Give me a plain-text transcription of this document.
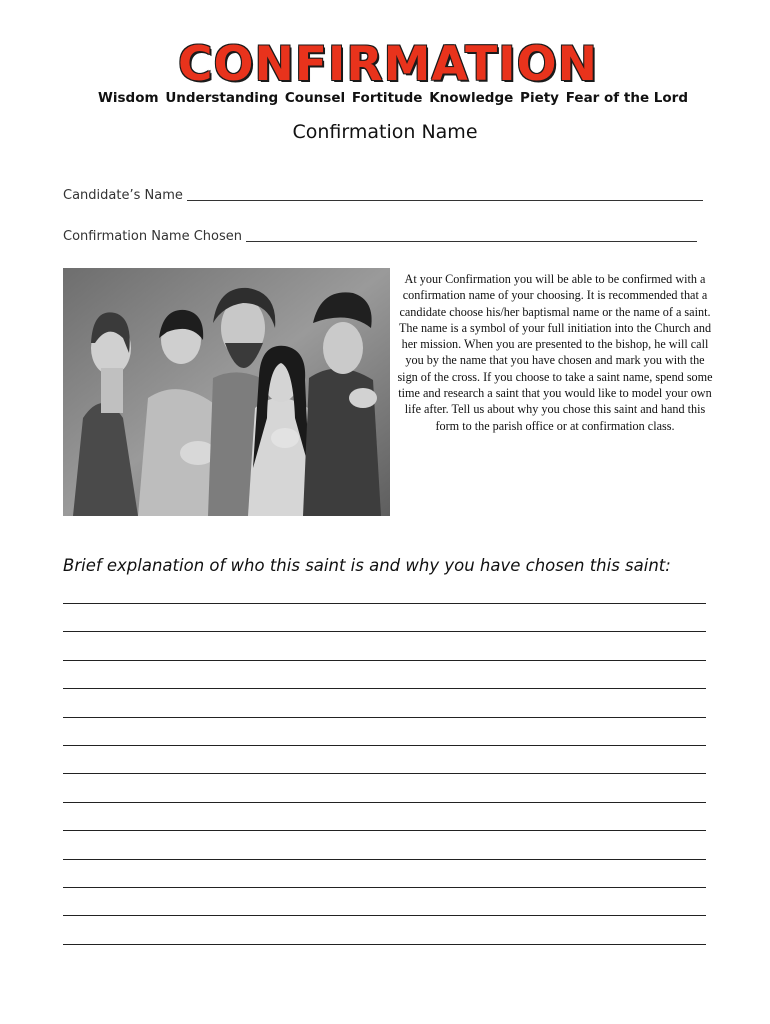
CONFIRMATION
Wisdom Understanding Counsel Fortitude Knowledge Piety Fear of the Lord
Confirmation Name
Candidate’s Name
Confirmation Name Chosen
At your Confirmation you will be able to be confirmed with a confirmation name of your choosing. It is recommended that a candidate choose his/her baptismal name or the name of a saint. The name is a symbol of your full initiation into the Church and her mission. When you are presented to the bishop, he will call you by the name that you have chosen and mark you with the sign of the cross. If you choose to take a saint name, spend some time and research a saint that you would like to model your own life after. Tell us about why you chose this saint and hand this form to the parish office or at confirmation class.
Brief explanation of who this saint is and why you have chosen this saint:
